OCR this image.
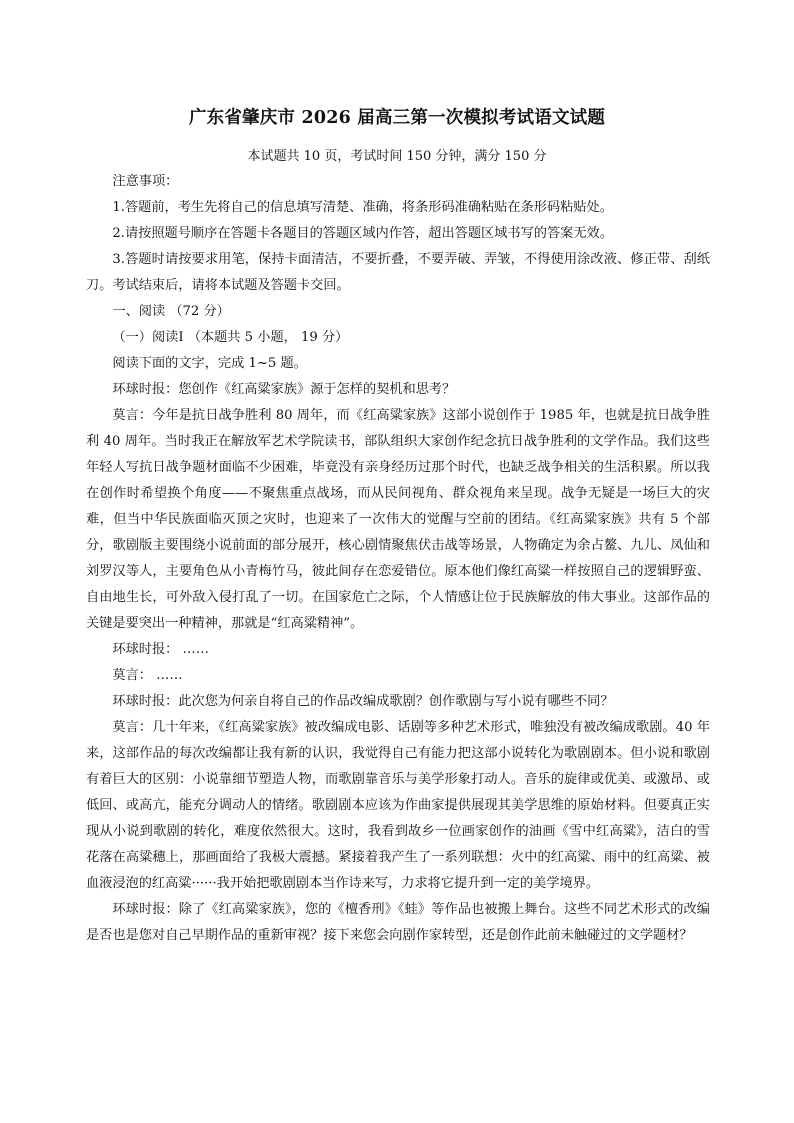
广东省肇庆市 2026 届高三第一次模拟考试语文试题
本试题共 10 页，考试时间 150 分钟，满分 150 分

注意事项：

1.答题前，考生先将自己的信息填写清楚、准确，将条形码准确粘贴在条形码粘贴处。

2.请按照题号顺序在答题卡各题目的答题区域内作答，超出答题区域书写的答案无效。

3.答题时请按要求用笔，保持卡面清洁，不要折叠，不要弄破、弄皱，不得使用涂改液、修正带、刮纸刀。考试结束后，请将本试题及答题卡交回。

一、阅读 （72 分）

（一）阅读Ⅰ （本题共 5 小题， 19 分）

阅读下面的文字，完成 1~5 题。

环球时报：您创作《红高粱家族》源于怎样的契机和思考？

莫言：今年是抗日战争胜利 80 周年，而《红高粱家族》这部小说创作于 1985 年，也就是抗日战争胜利 40 周年。当时我正在解放军艺术学院读书，部队组织大家创作纪念抗日战争胜利的文学作品。我们这些年轻人写抗日战争题材面临不少困难，毕竟没有亲身经历过那个时代，也缺乏战争相关的生活积累。所以我在创作时希望换个角度——不聚焦重点战场，而从民间视角、群众视角来呈现。战争无疑是一场巨大的灾难，但当中华民族面临灭顶之灾时，也迎来了一次伟大的觉醒与空前的团结。《红高粱家族》共有 5 个部分，歌剧版主要围绕小说前面的部分展开，核心剧情聚焦伏击战等场景，人物确定为余占鳌、九儿、凤仙和刘罗汉等人，主要角色从小青梅竹马，彼此间存在恋爱错位。原本他们像红高粱一样按照自己的逻辑野蛮、自由地生长，可外敌入侵打乱了一切。在国家危亡之际，个人情感让位于民族解放的伟大事业。这部作品的关键是要突出一种精神，那就是“红高粱精神”。

环球时报： ……

莫言： ……

环球时报：此次您为何亲自将自己的作品改编成歌剧？创作歌剧与写小说有哪些不同？

莫言：几十年来，《红高粱家族》被改编成电影、话剧等多种艺术形式，唯独没有被改编成歌剧。40 年来，这部作品的每次改编都让我有新的认识，我觉得自己有能力把这部小说转化为歌剧剧本。但小说和歌剧有着巨大的区别：小说靠细节塑造人物，而歌剧靠音乐与美学形象打动人。音乐的旋律或优美、或激昂、或低回、或高亢，能充分调动人的情绪。歌剧剧本应该为作曲家提供展现其美学思维的原始材料。但要真正实现从小说到歌剧的转化，难度依然很大。这时，我看到故乡一位画家创作的油画《雪中红高粱》，洁白的雪花落在高粱穗上，那画面给了我极大震撼。紧接着我产生了一系列联想：火中的红高粱、雨中的红高粱、被血液浸泡的红高粱······我开始把歌剧剧本当作诗来写，力求将它提升到一定的美学境界。

环球时报：除了《红高粱家族》，您的《檀香刑》《蛙》等作品也被搬上舞台。这些不同艺术形式的改编是否也是您对自己早期作品的重新审视？接下来您会向剧作家转型，还是创作此前未触碰过的文学题材？
